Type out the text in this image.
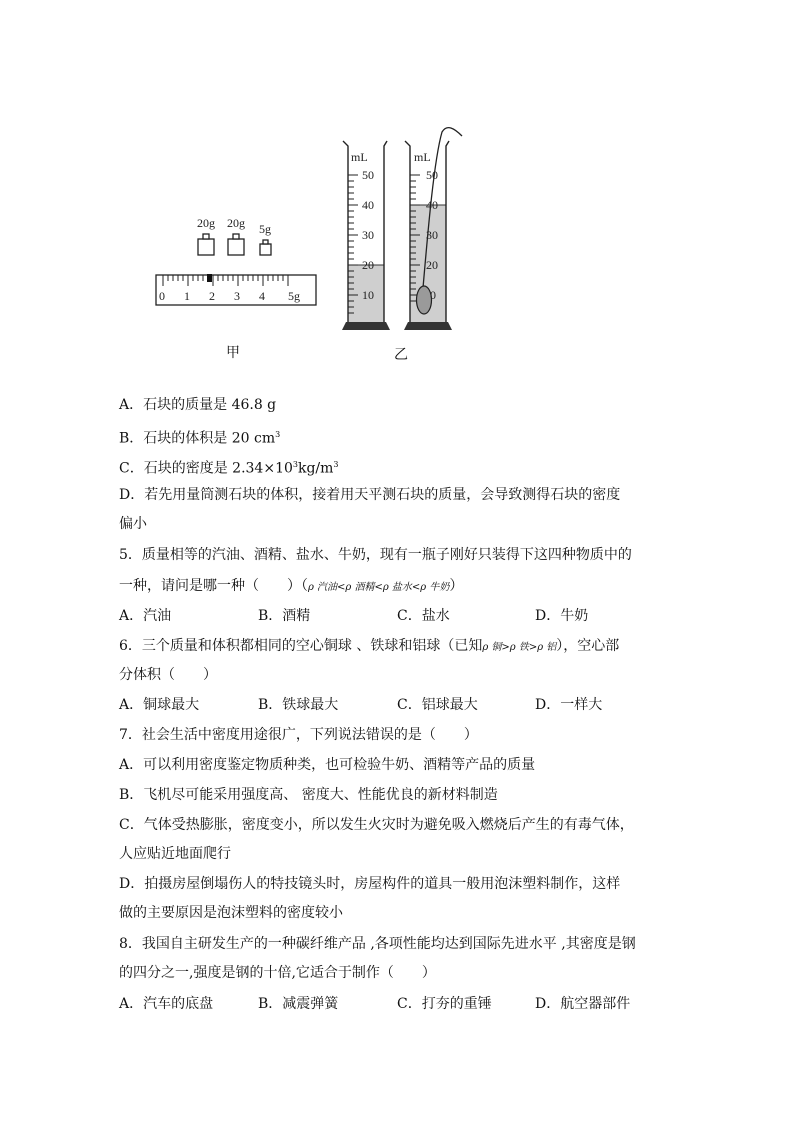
20g 20g 5g
0 1 2 3 4 5g
mL
50
40
30
20
10
mL
50
40
30
20
0
甲	乙
A．石块的质量是 46.8 g
B．石块的体积是 20 $cm^3$
C．石块的密度是 $2.34\times 10^3kg/m^3$
D．若先用量筒测石块的体积，接着用天平测石块的质量，会导致测得石块的密度
偏小
5．质量相等的汽油、酒精、盐水、牛奶，现有一瓶子刚好只装得下这四种物质中的
一种，请问是哪一种（　　）（ρ 汽油<ρ 酒精<ρ 盐水<ρ 牛奶）
A．汽油	B．酒精	C．盐水	D．牛奶
6．三个质量和体积都相同的空心铜球 、铁球和铝球（已知ρ 铜>ρ 铁>ρ 铝），空心部
分体积（　　）
A．铜球最大	B．铁球最大	C．铝球最大	D．一样大
7．社会生活中密度用途很广，下列说法错误的是（　　）
A．可以利用密度鉴定物质种类，也可检验牛奶、酒精等产品的质量
B．飞机尽可能采用强度高、 密度大、性能优良的新材料制造
C．气体受热膨胀，密度变小，所以发生火灾时为避免吸入燃烧后产生的有毒气体，
人应贴近地面爬行
D．拍摄房屋倒塌伤人的特技镜头时，房屋构件的道具一般用泡沫塑料制作，这样
做的主要原因是泡沫塑料的密度较小
8．我国自主研发生产的一种碳纤维产品 ,各项性能均达到国际先进水平 ,其密度是钢
的四分之一,强度是钢的十倍,它适合于制作（　　）
A．汽车的底盘	B．减震弹簧	C．打夯的重锤	D．航空器部件
